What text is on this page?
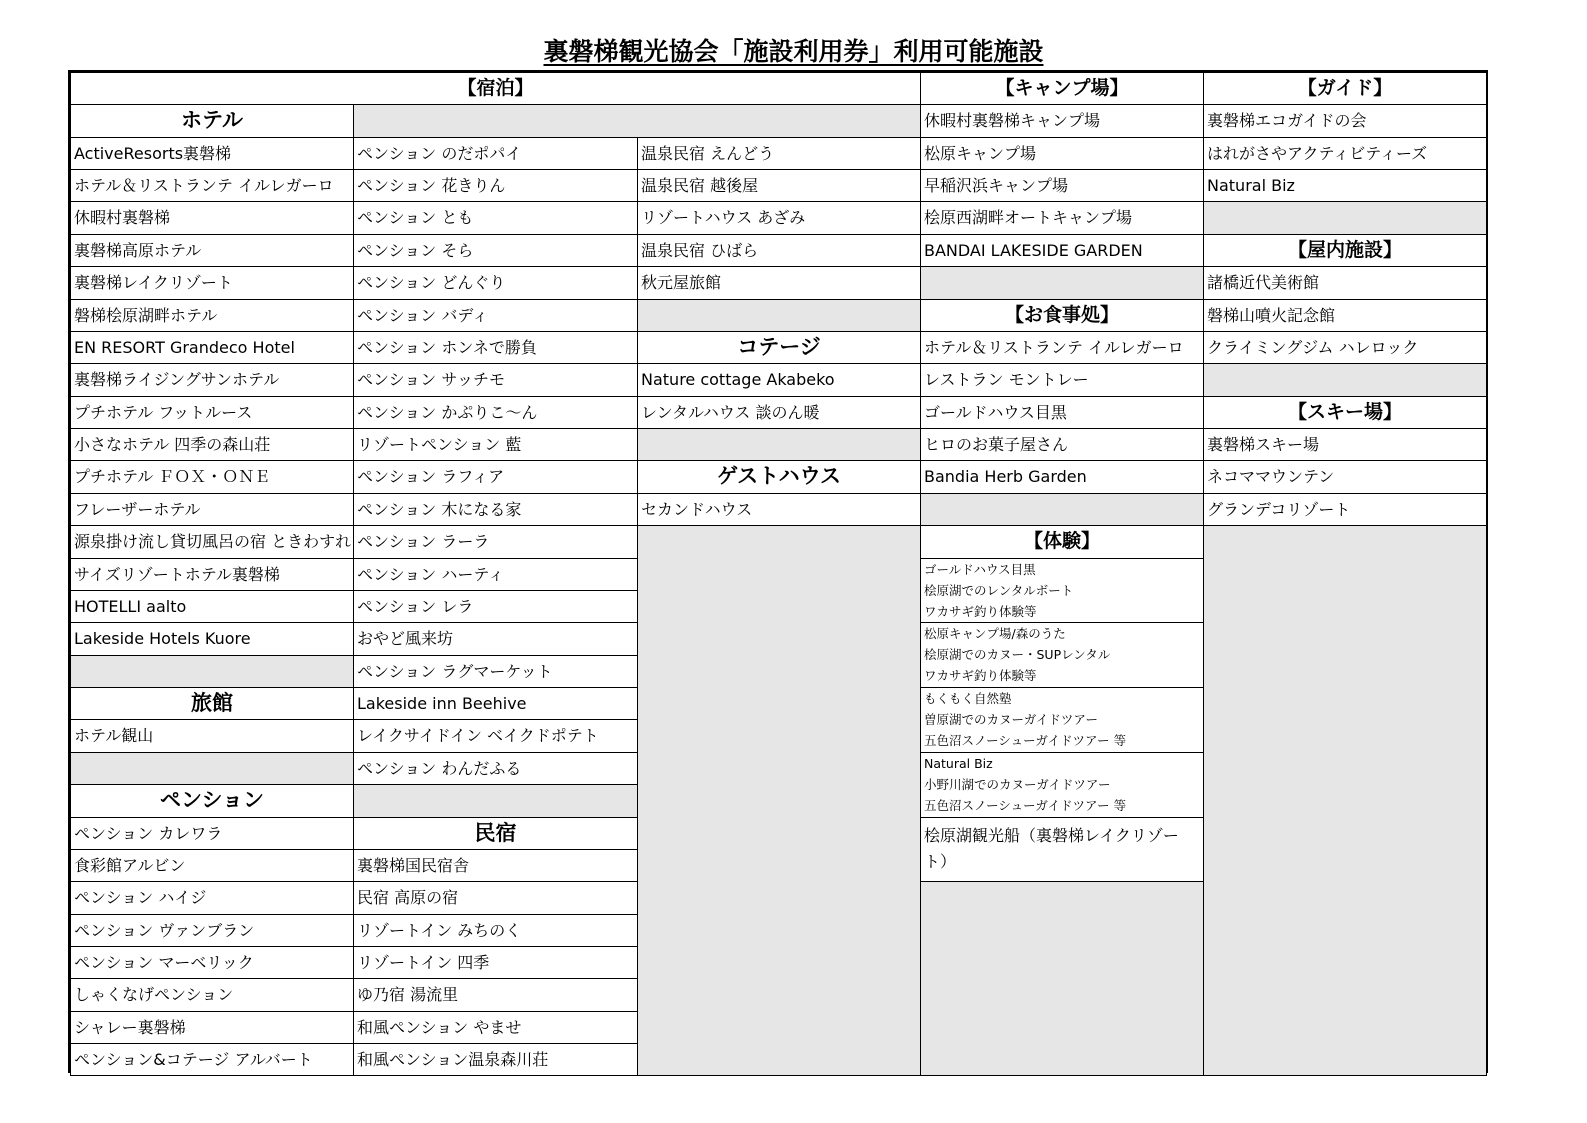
裏磐梯観光協会「施設利用券」利用可能施設
【宿泊】	【キャンプ場】	【ガイド】
ホテル
ActiveResorts裏磐梯
ホテル＆リストランテ イルレガーロ
休暇村裏磐梯
裏磐梯高原ホテル
裏磐梯レイクリゾート
磐梯桧原湖畔ホテル
EN RESORT Grandeco Hotel
裏磐梯ライジングサンホテル
プチホテル フットルース
小さなホテル 四季の森山荘
プチホテル ＦＯＸ・ＯＮＥ
フレーザーホテル
源泉掛け流し貸切風呂の宿 ときわすれ
サイズリゾートホテル裏磐梯
HOTELLI aalto
Lakeside Hotels Kuore
旅館
ホテル観山
ペンション
ペンション カレワラ
食彩館アルビン
ペンション ハイジ
ペンション ヴァンブラン
ペンション マーベリック
しゃくなげペンション
シャレー裏磐梯
ペンション&コテージ アルバート
ペンション のだポパイ
ペンション 花きりん
ペンション とも
ペンション そら
ペンション どんぐり
ペンション バディ
ペンション ホンネで勝負
ペンション サッチモ
ペンション かぷりこ～ん
リゾートペンション 藍
ペンション ラフィア
ペンション 木になる家
ペンション ラーラ
ペンション ハーティ
ペンション レラ
おやど風来坊
ペンション ラグマーケット
Lakeside inn Beehive
レイクサイドイン ベイクドポテト
ペンション わんだふる
民宿
裏磐梯国民宿舎
民宿 高原の宿
リゾートイン みちのく
リゾートイン 四季
ゆ乃宿 湯流里
和風ペンション やませ
和風ペンション温泉森川荘
温泉民宿 えんどう
温泉民宿 越後屋
リゾートハウス あざみ
温泉民宿 ひばら
秋元屋旅館
コテージ
Nature cottage Akabeko
レンタルハウス 談のん暖
ゲストハウス
セカンドハウス
休暇村裏磐梯キャンプ場
松原キャンプ場
早稲沢浜キャンプ場
桧原西湖畔オートキャンプ場
BANDAI LAKESIDE GARDEN
【お食事処】
ホテル＆リストランテ イルレガーロ
レストラン モントレー
ゴールドハウス目黒
ヒロのお菓子屋さん
Bandia Herb Garden
【体験】
ゴールドハウス目黒
桧原湖でのレンタルボート
ワカサギ釣り体験等
松原キャンプ場/森のうた
桧原湖でのカヌー・SUPレンタル
ワカサギ釣り体験等
もくもく自然塾
曽原湖でのカヌーガイドツアー
五色沼スノーシューガイドツアー 等
Natural Biz
小野川湖でのカヌーガイドツアー
五色沼スノーシューガイドツアー 等
桧原湖観光船（裏磐梯レイクリゾート）
裏磐梯エコガイドの会
はれがさやアクティビティーズ
Natural Biz
【屋内施設】
諸橋近代美術館
磐梯山噴火記念館
クライミングジム ハレロック
【スキー場】
裏磐梯スキー場
ネコママウンテン
グランデコリゾート
